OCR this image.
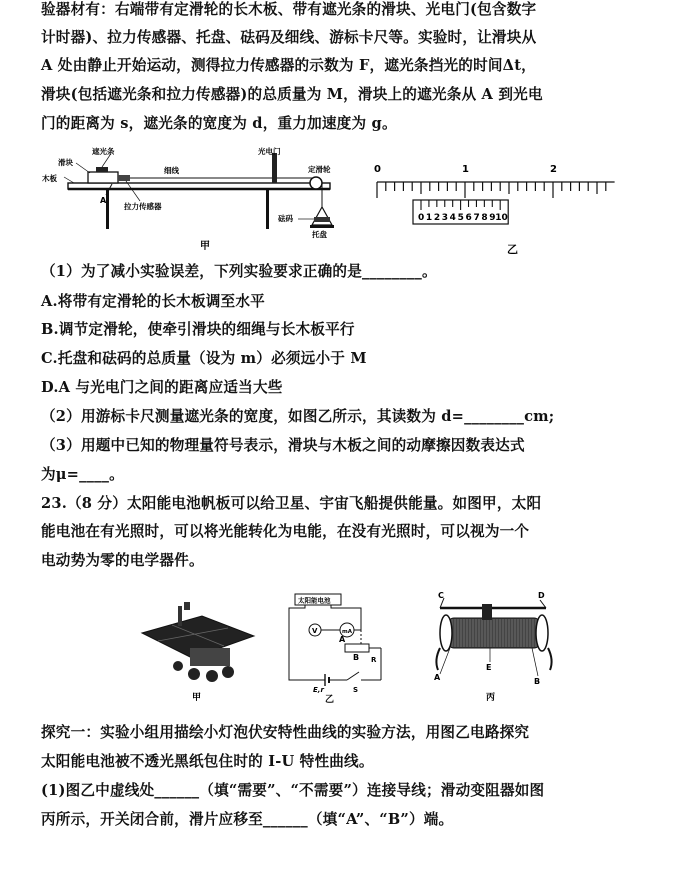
验器材有：右端带有定滑轮的长木板、带有遮光条的滑块、光电门(包含数字
计时器)、拉力传感器、托盘、砝码及细线、游标卡尺等。实验时，让滑块从
A 处由静止开始运动，测得拉力传感器的示数为 F，遮光条挡光的时间Δt，
滑块(包括遮光条和拉力传感器)的总质量为 M，滑块上的遮光条从 A 到光电
门的距离为 s，遮光条的宽度为 d，重力加速度为 g。
滑块
木板
遮光条
A
细线
光电门
定滑轮
拉力传感器
砝码
托盘
甲
0	1	2
0 1 2 3 4 5 6 7 8 9 10
乙
（1）为了减小实验误差，下列实验要求正确的是________。
A.将带有定滑轮的长木板调至水平
B.调节定滑轮，使牵引滑块的细绳与长木板平行
C.托盘和砝码的总质量（设为 m）必须远小于 M
D.A 与光电门之间的距离应适当大些
（2）用游标卡尺测量遮光条的宽度，如图乙所示，其读数为 d=________cm;
（3）用题中已知的物理量符号表示，滑块与木板之间的动摩擦因数表达式
为μ=____。
23.（8 分）太阳能电池帆板可以给卫星、宇宙飞船提供能量。如图甲，太阳
能电池在有光照时，可以将光能转化为电能，在没有光照时，可以视为一个
电动势为零的电学器件。
甲
太阳能电池
V	mA
A
B R
E,r	S
乙
C	D
A
E
B
丙
探究一：实验小组用描绘小灯泡伏安特性曲线的实验方法，用图乙电路探究
太阳能电池被不透光黑纸包住时的 I-U 特性曲线。
(1)图乙中虚线处______（填“需要”、“不需要”）连接导线；滑动变阻器如图
丙所示，开关闭合前，滑片应移至______（填“A”、“B”）端。
